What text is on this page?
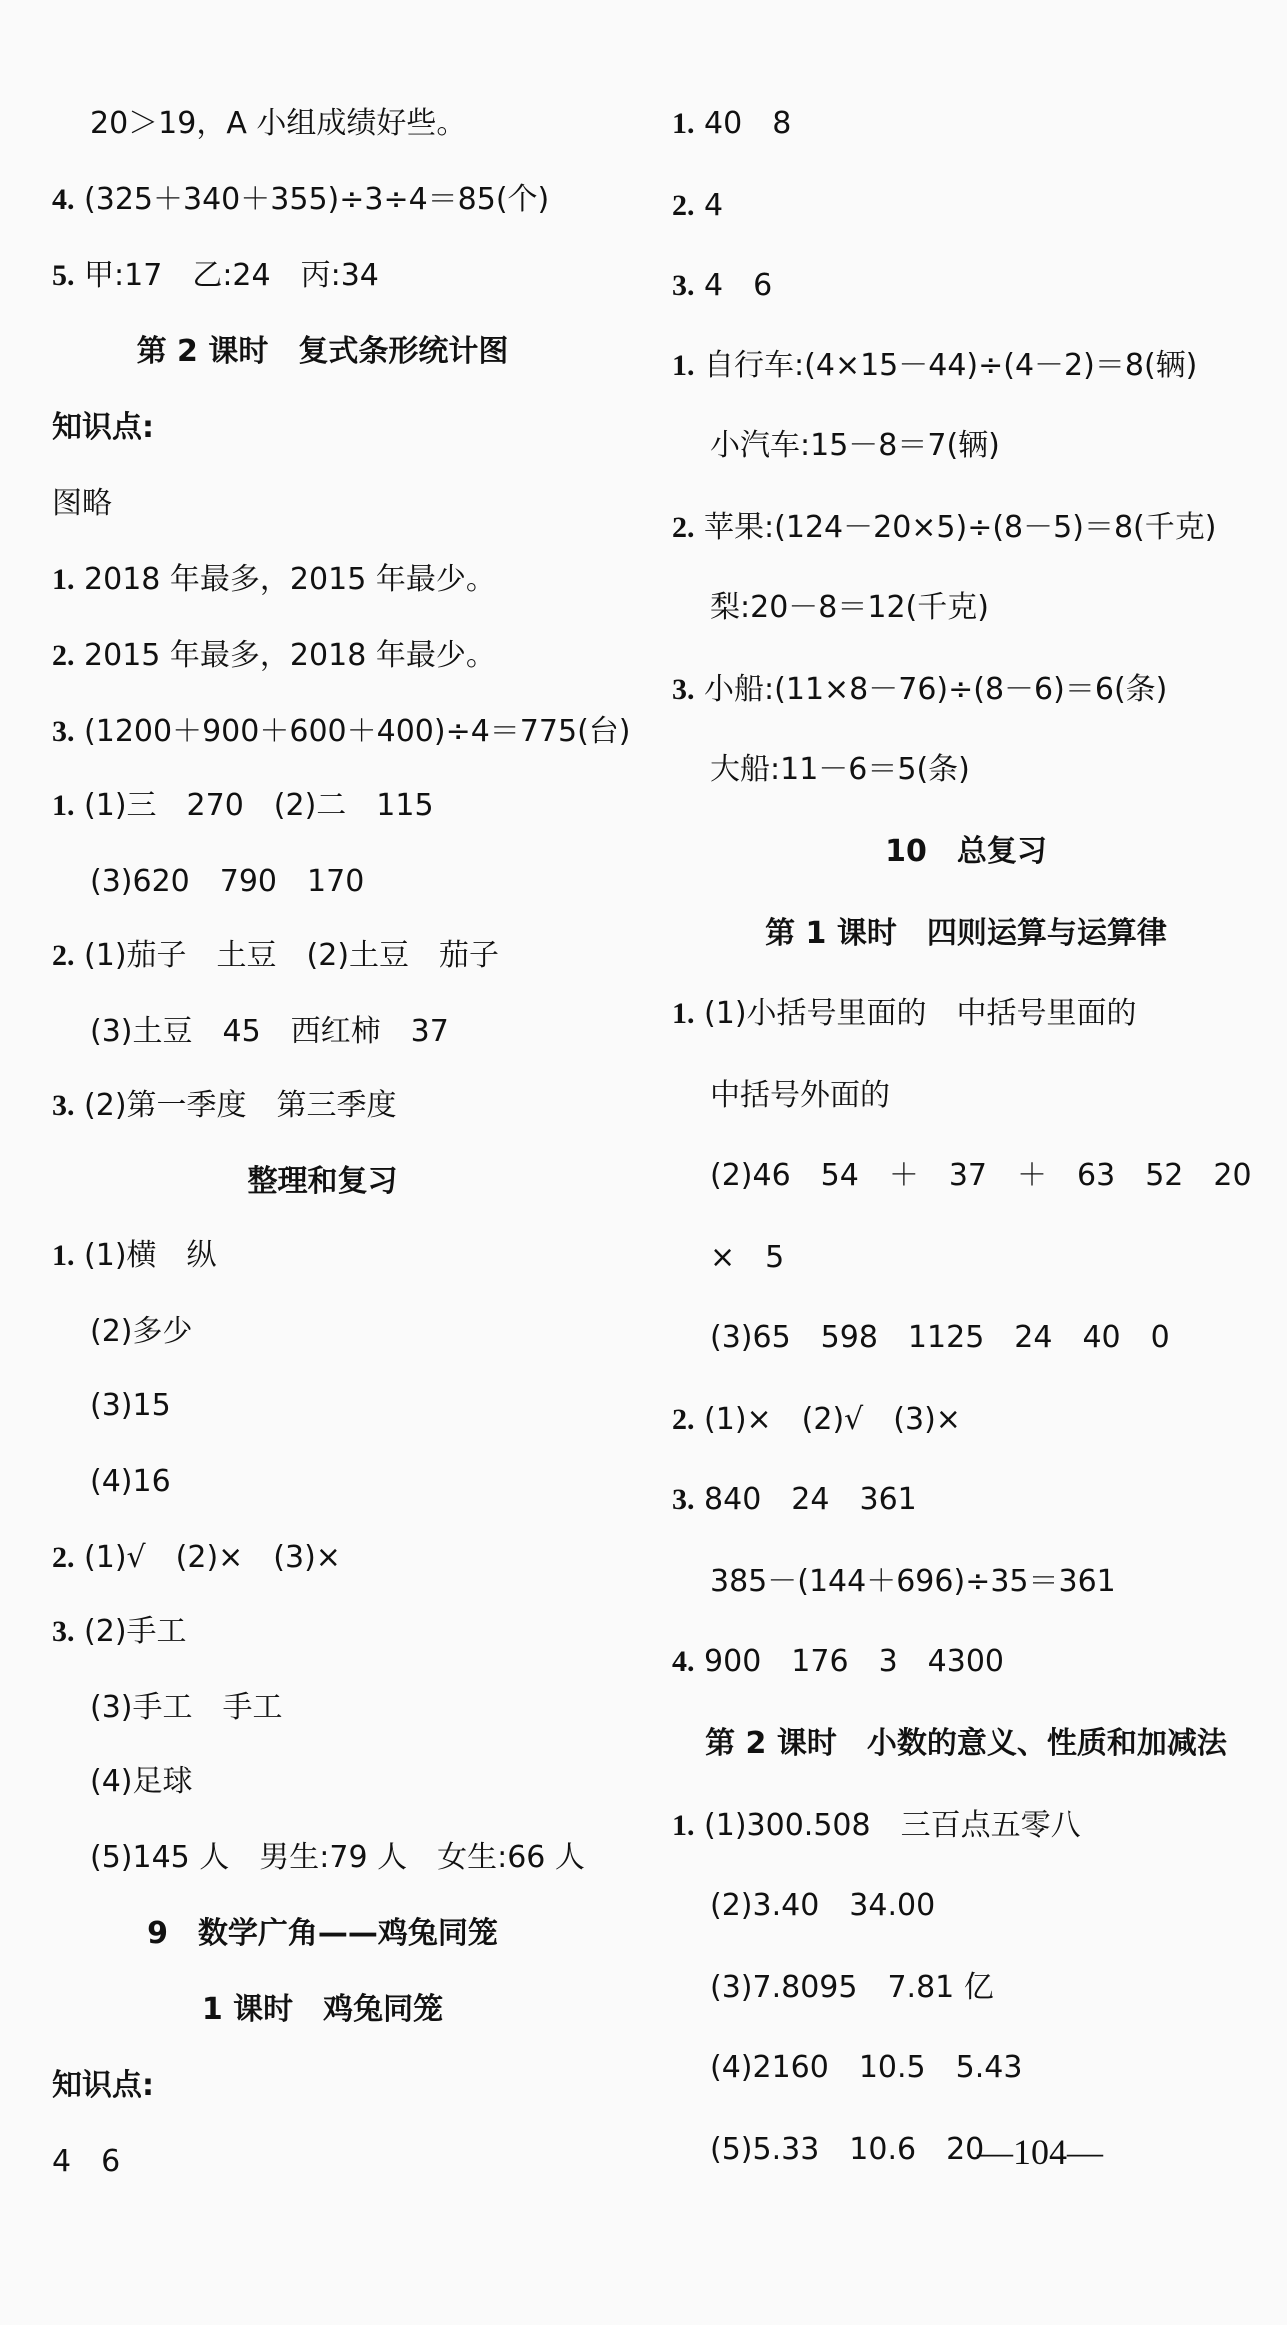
20＞19，A 小组成绩好些。
4. (325＋340＋355)÷3÷4＝85(个)
5. 甲:17　乙:24　丙:34
第 2 课时　复式条形统计图
知识点:
图略
1. 2018 年最多，2015 年最少。
2. 2015 年最多，2018 年最少。
3. (1200＋900＋600＋400)÷4＝775(台)
1. (1)三　270　(2)二　115
(3)620　790　170
2. (1)茄子　土豆　(2)土豆　茄子
(3)土豆　45　西红柿　37
3. (2)第一季度　第三季度
整理和复习
1. (1)横　纵
(2)多少
(3)15
(4)16
2. (1)√　(2)×　(3)×
3. (2)手工
(3)手工　手工
(4)足球
(5)145 人　男生:79 人　女生:66 人
9　数学广角——鸡兔同笼
1 课时　鸡兔同笼
知识点:
4　6
1. 40　8
2. 4
3. 4　6
1. 自行车:(4×15－44)÷(4－2)＝8(辆)
小汽车:15－8＝7(辆)
2. 苹果:(124－20×5)÷(8－5)＝8(千克)
梨:20－8＝12(千克)
3. 小船:(11×8－76)÷(8－6)＝6(条)
大船:11－6＝5(条)
10　总复习
第 1 课时　四则运算与运算律
1. (1)小括号里面的　中括号里面的
中括号外面的
(2)46　54　＋　37　＋　63　52　20
×　5
(3)65　598　1125　24　40　0
2. (1)×　(2)√　(3)×
3. 840　24　361
385－(144＋696)÷35＝361
4. 900　176　3　4300
第 2 课时　小数的意义、性质和加减法
1. (1)300.508　三百点五零八
(2)3.40　34.00
(3)7.8095　7.81 亿
(4)2160　10.5　5.43
(5)5.33　10.6　20
—104—
